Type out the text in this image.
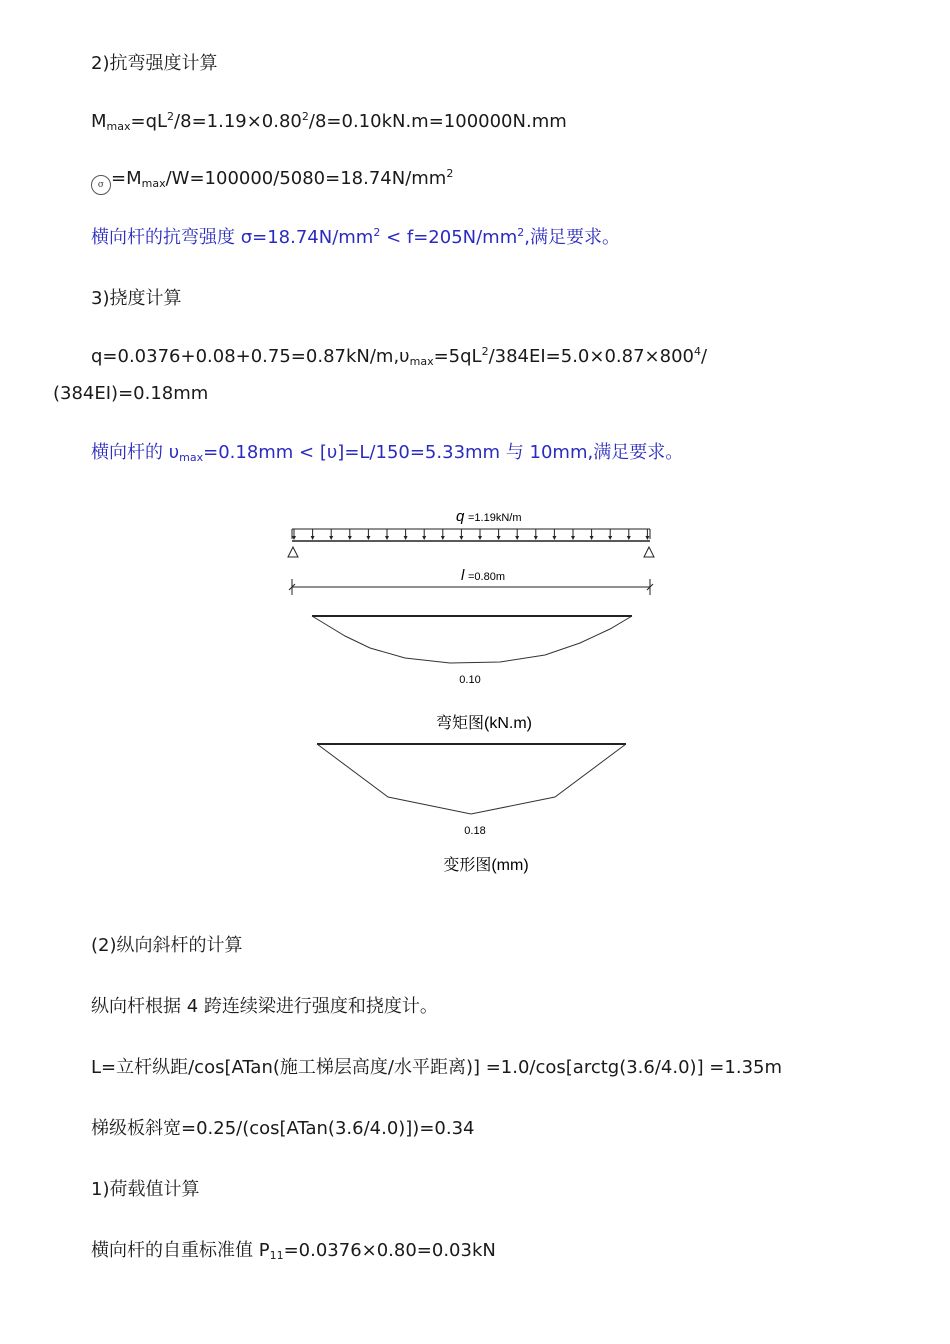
2)抗弯强度计算
$M_{max}=qL^2/8=1.19\times 0.80^2/8=0.10kN.m=100000N.mm$
$\sigma =M_{max}/W=100000/5080=18.74N/mm^2$
横向杆的抗弯强度 $\sigma=18.74N/mm^2 < f=205N/mm^2$,满足要求。
3)挠度计算
$q=0.0376+0.08+0.75=0.87kN/m,\upsilon_{max}=5qL^2/384EI=5.0\times 0.87\times 800^4/$
(384EI)=0.18mm
横向杆的 $\upsilon_{max}=0.18mm < [\upsilon]=L/150=5.33mm$ 与 10mm,满足要求。
q =1.19kN/m
l =0.80m
0.10
弯矩图(kN.m)
0.18
变形图(mm)
(2)纵向斜杆的计算
纵向杆根据 4 跨连续梁进行强度和挠度计。
L=立杆纵距/cos[ATan(施工梯层高度/水平距离)] =1.0/cos[arctg(3.6/4.0)] =1.35m
梯级板斜宽=0.25/(cos[ATan(3.6/4.0)])=0.34
1)荷载值计算
横向杆的自重标准值 $P_{11}=0.0376\times 0.80=0.03kN$
